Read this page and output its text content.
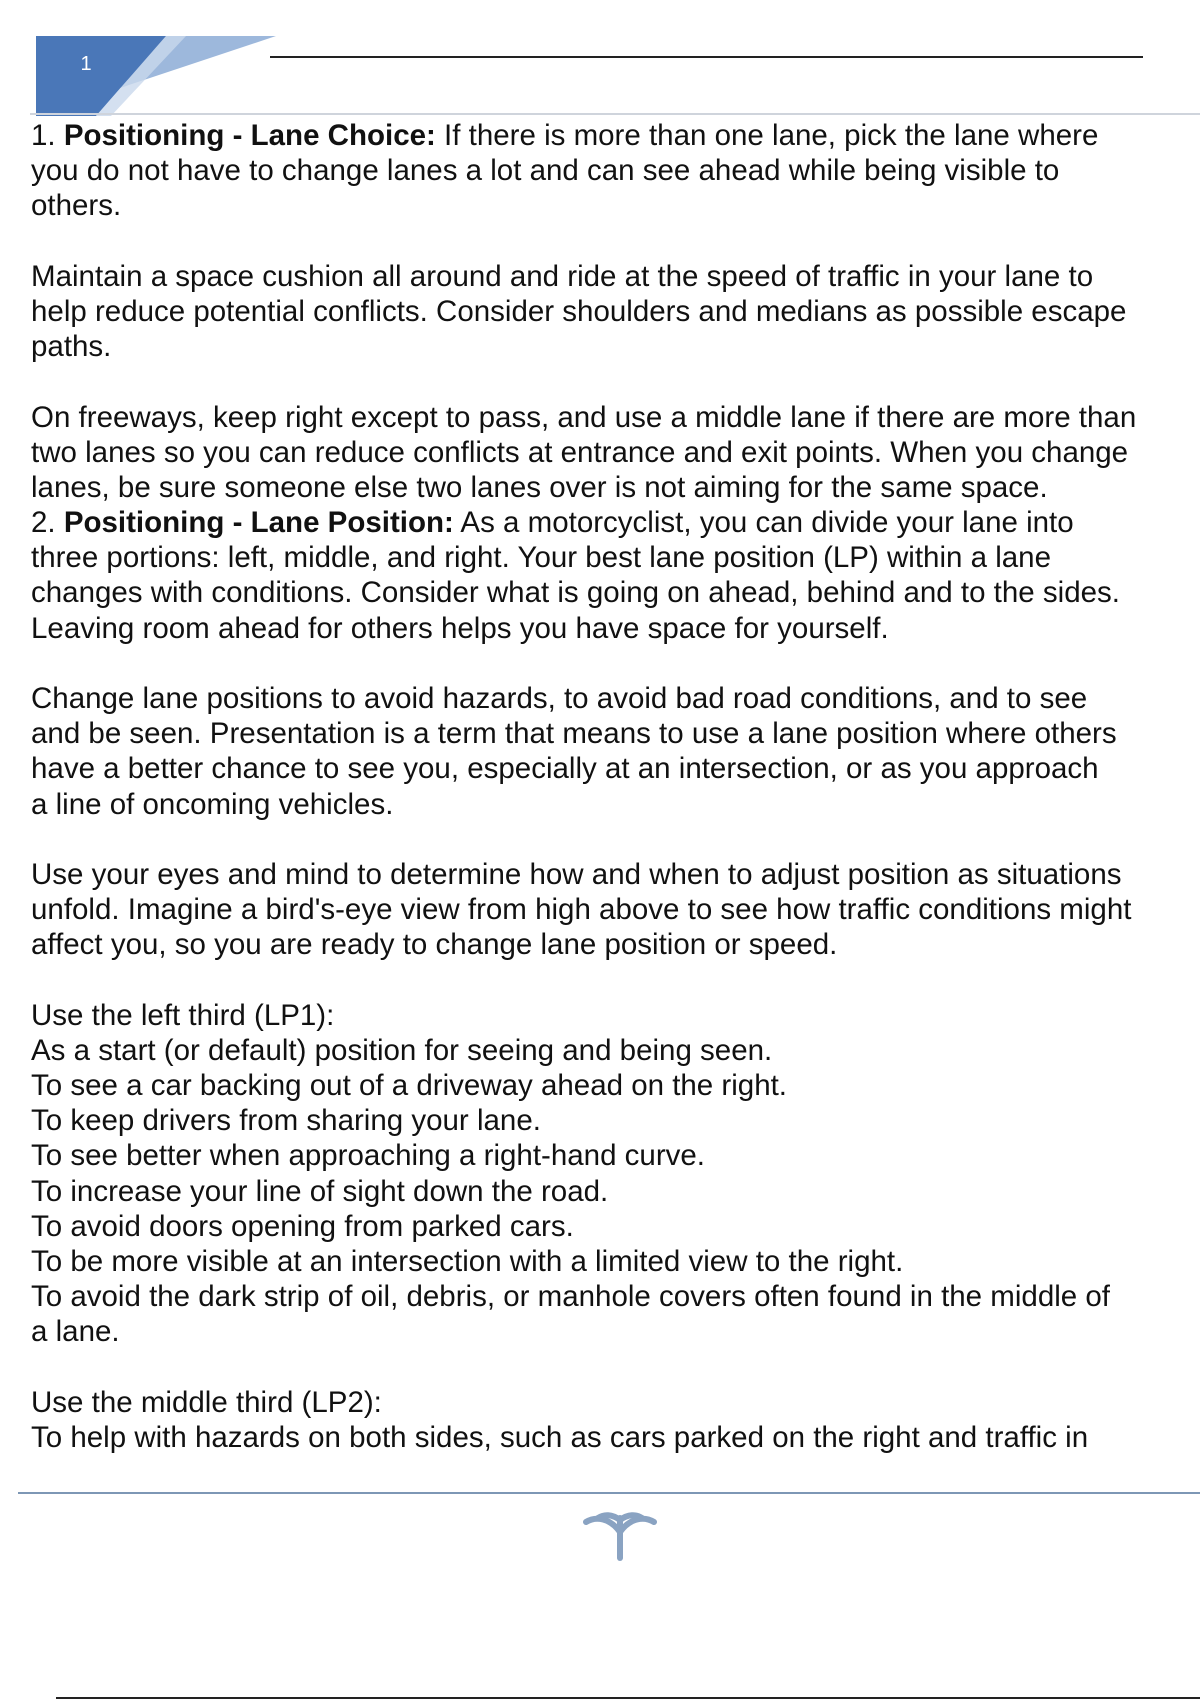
1
1. Positioning - Lane Choice: If there is more than one lane, pick the lane where
you do not have to change lanes a lot and can see ahead while being visible to
others.
Maintain a space cushion all around and ride at the speed of traffic in your lane to
help reduce potential conflicts. Consider shoulders and medians as possible escape
paths.
On freeways, keep right except to pass, and use a middle lane if there are more than
two lanes so you can reduce conflicts at entrance and exit points. When you change
lanes, be sure someone else two lanes over is not aiming for the same space.
2. Positioning - Lane Position: As a motorcyclist, you can divide your lane into
three portions: left, middle, and right. Your best lane position (LP) within a lane
changes with conditions. Consider what is going on ahead, behind and to the sides.
Leaving room ahead for others helps you have space for yourself.
Change lane positions to avoid hazards, to avoid bad road conditions, and to see
and be seen. Presentation is a term that means to use a lane position where others
have a better chance to see you, especially at an intersection, or as you approach
a line of oncoming vehicles.
Use your eyes and mind to determine how and when to adjust position as situations
unfold. Imagine a bird's-eye view from high above to see how traffic conditions might
affect you, so you are ready to change lane position or speed.
Use the left third (LP1):
As a start (or default) position for seeing and being seen.
To see a car backing out of a driveway ahead on the right.
To keep drivers from sharing your lane.
To see better when approaching a right-hand curve.
To increase your line of sight down the road.
To avoid doors opening from parked cars.
To be more visible at an intersection with a limited view to the right.
To avoid the dark strip of oil, debris, or manhole covers often found in the middle of
a lane.
Use the middle third (LP2):
To help with hazards on both sides, such as cars parked on the right and traffic in
